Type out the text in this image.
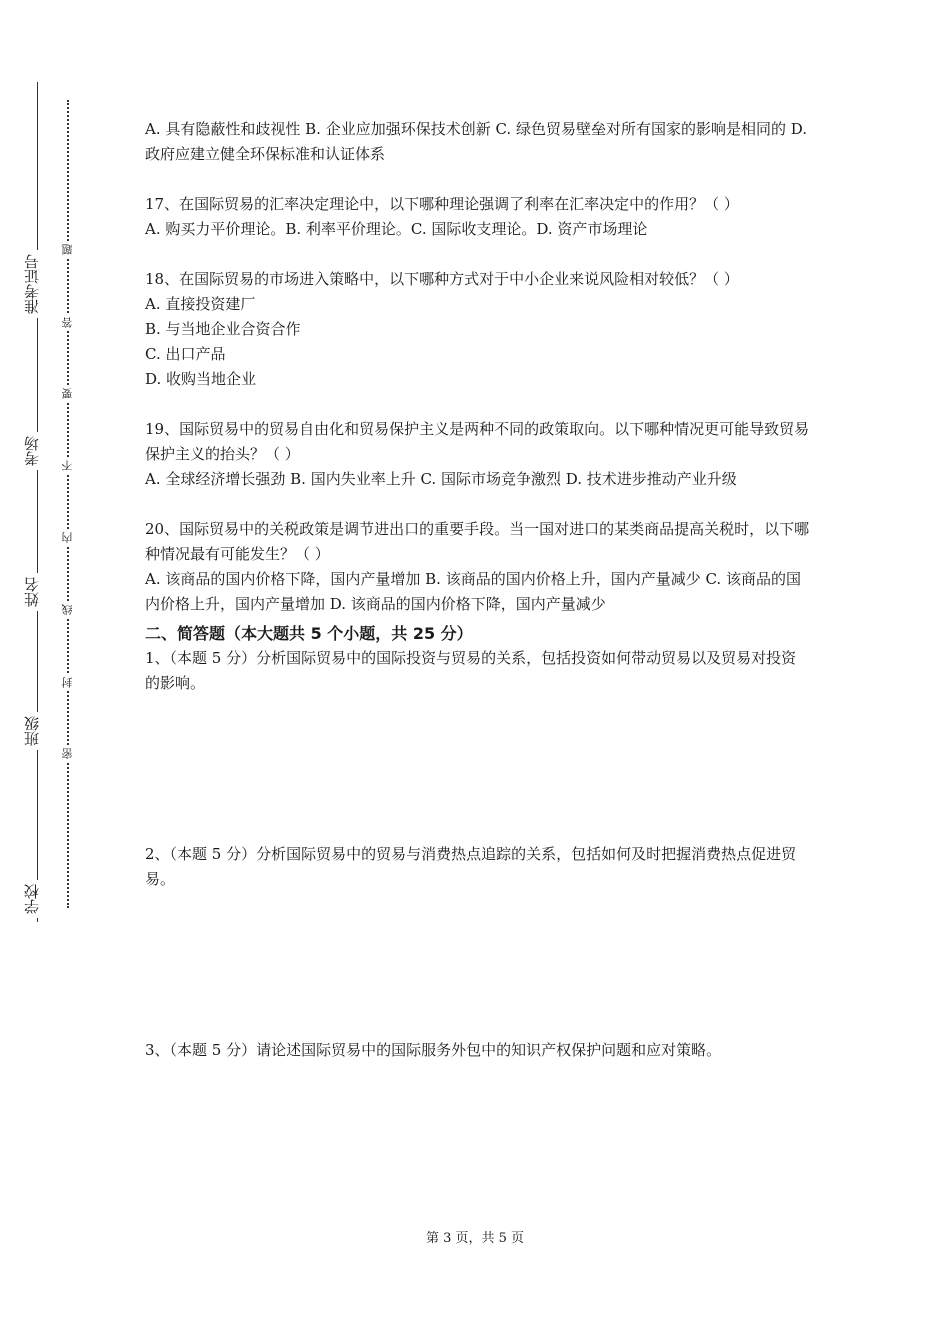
准考证号
考场
姓名
班级
学校
题
答
要
不
内
线
封
密

A. 具有隐蔽性和歧视性 B. 企业应加强环保技术创新 C. 绿色贸易壁垒对所有国家的影响是相同的 D. 政府应建立健全环保标准和认证体系

17、在国际贸易的汇率决定理论中，以下哪种理论强调了利率在汇率决定中的作用？（ ）

A. 购买力平价理论。B. 利率平价理论。C. 国际收支理论。D. 资产市场理论

18、在国际贸易的市场进入策略中，以下哪种方式对于中小企业来说风险相对较低？（ ）

A. 直接投资建厂

B. 与当地企业合资合作

C. 出口产品

D. 收购当地企业

19、国际贸易中的贸易自由化和贸易保护主义是两种不同的政策取向。以下哪种情况更可能导致贸易保护主义的抬头？（ ）

A. 全球经济增长强劲 B. 国内失业率上升 C. 国际市场竞争激烈 D. 技术进步推动产业升级

20、国际贸易中的关税政策是调节进出口的重要手段。当一国对进口的某类商品提高关税时，以下哪种情况最有可能发生？（ ）

A. 该商品的国内价格下降，国内产量增加 B. 该商品的国内价格上升，国内产量减少 C. 该商品的国内价格上升，国内产量增加 D. 该商品的国内价格下降，国内产量减少

二、简答题（本大题共 5 个小题，共 25 分）

1、（本题 5 分）分析国际贸易中的国际投资与贸易的关系，包括投资如何带动贸易以及贸易对投资的影响。

2、（本题 5 分）分析国际贸易中的贸易与消费热点追踪的关系，包括如何及时把握消费热点促进贸易。

3、（本题 5 分）请论述国际贸易中的国际服务外包中的知识产权保护问题和应对策略。

第 3 页，共 5 页
